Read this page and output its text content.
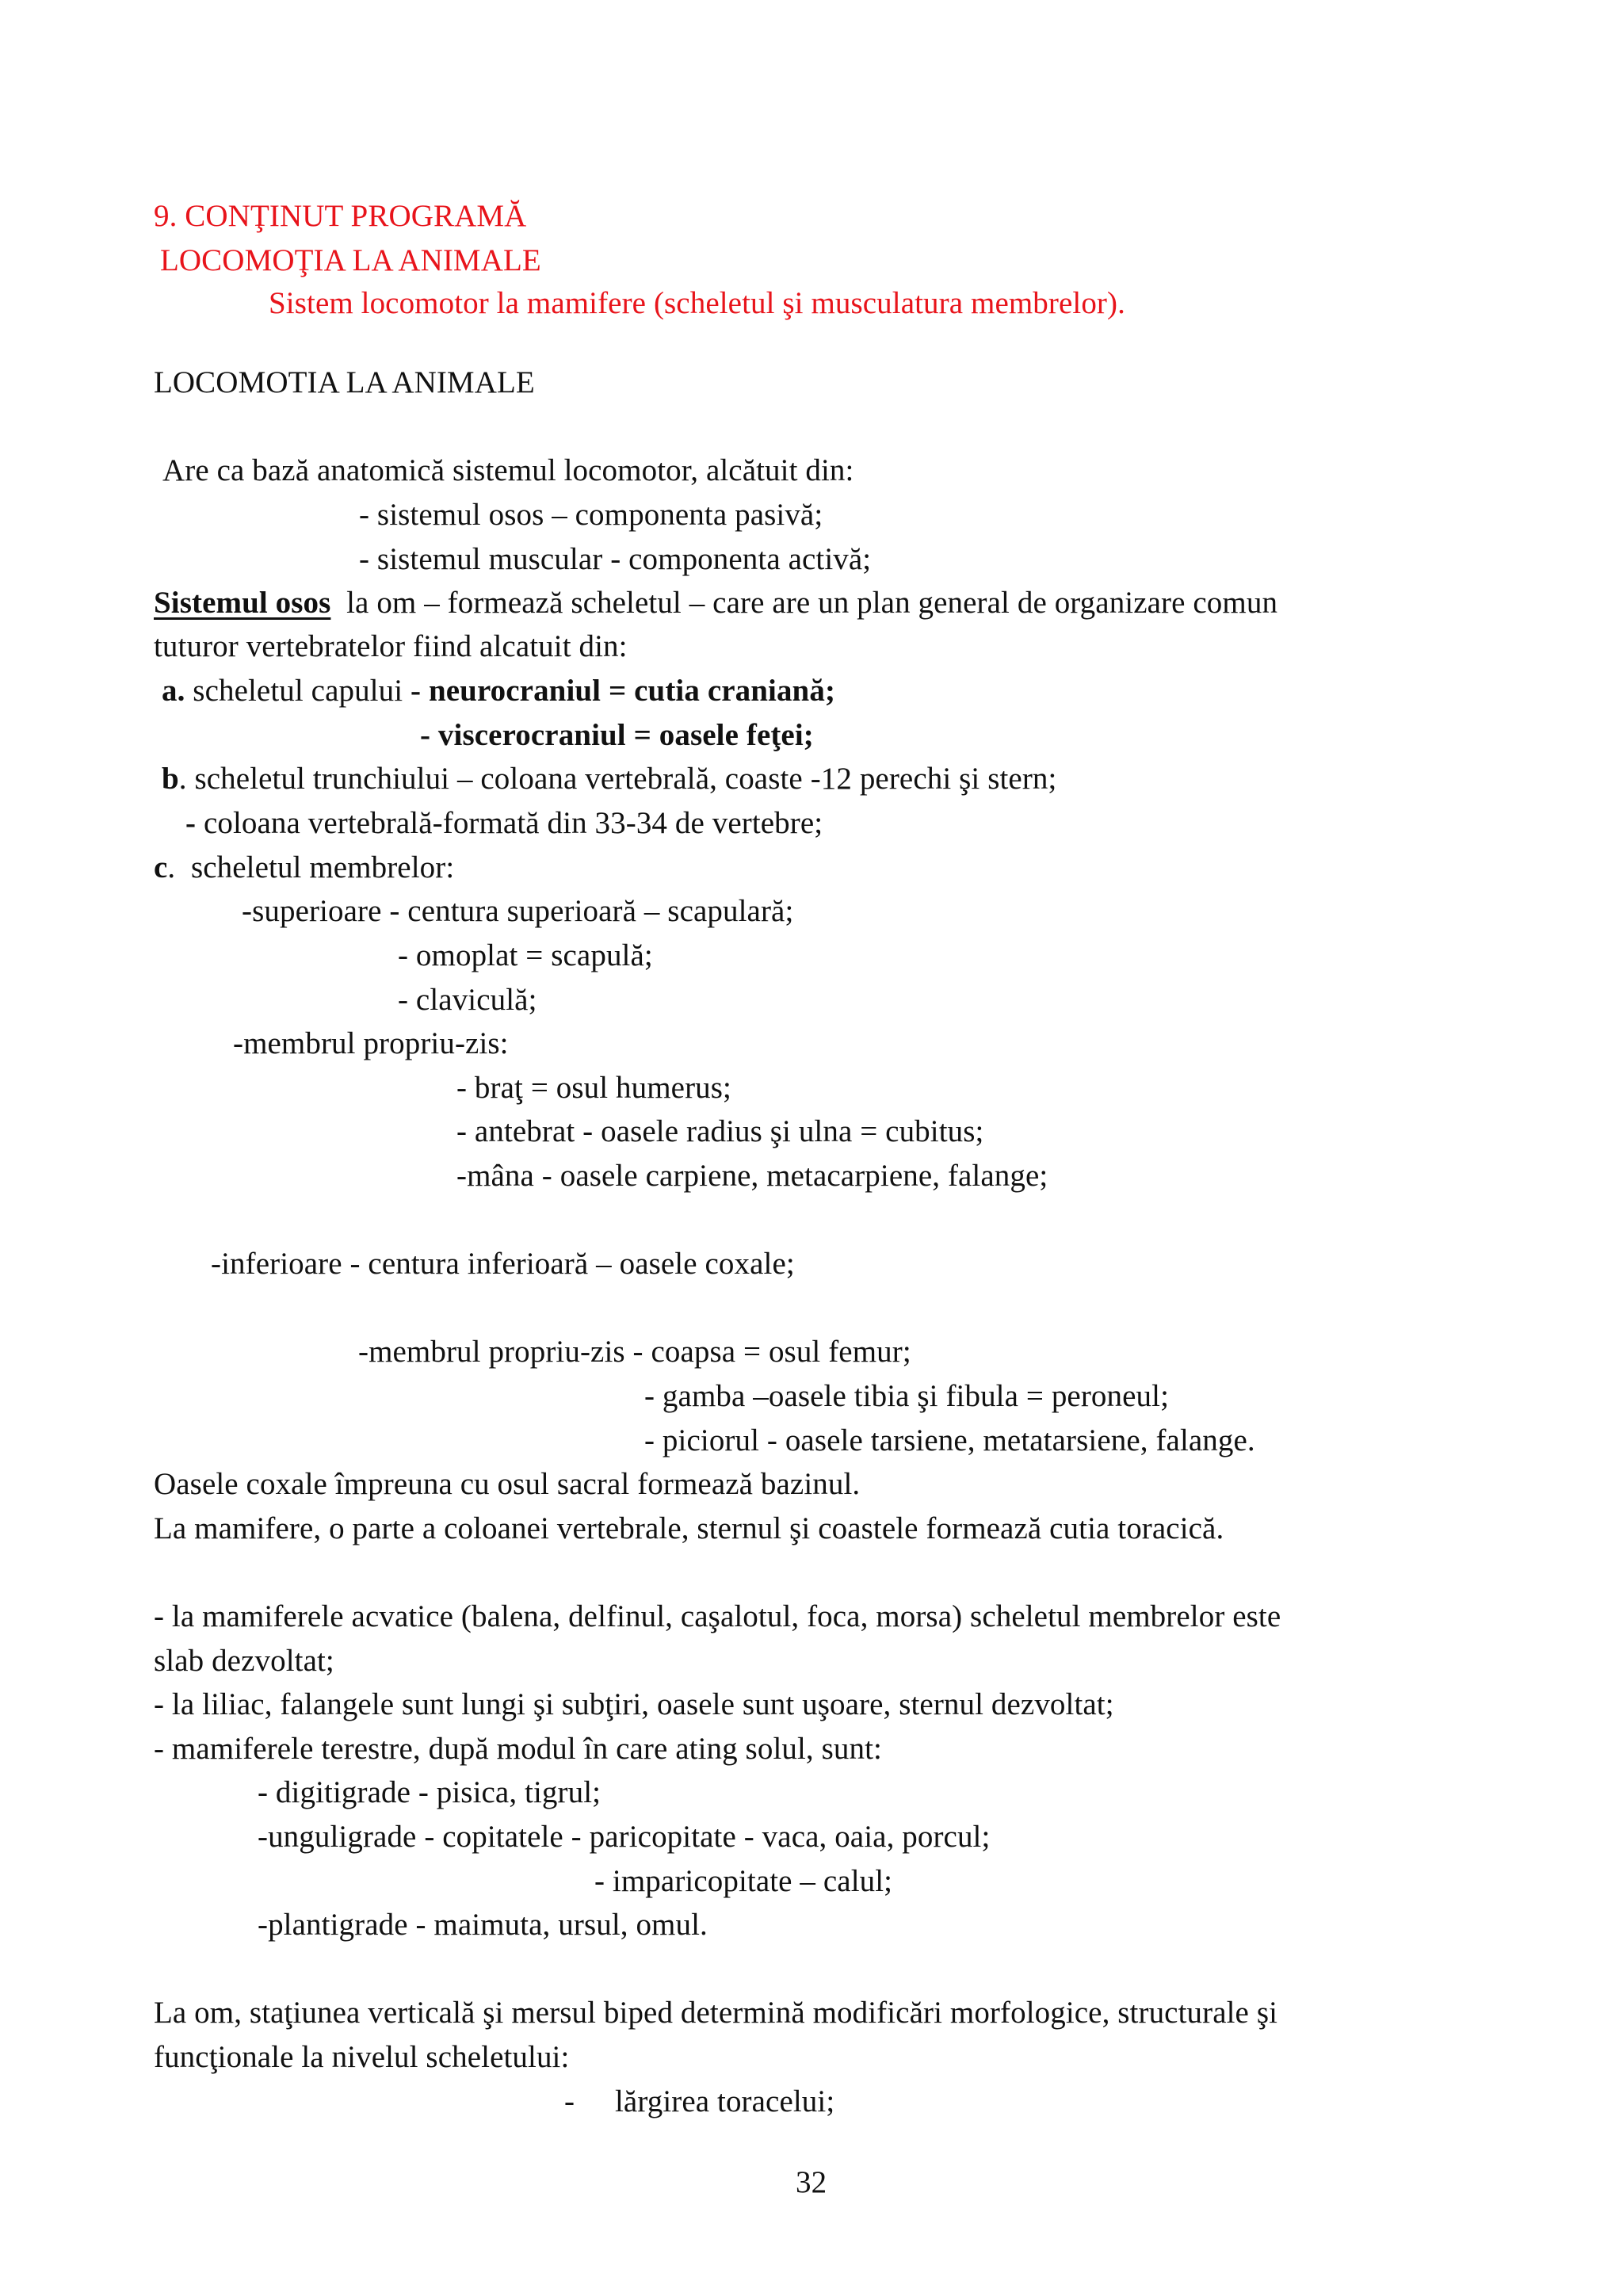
9. CONŢINUT PROGRAMĂ
LOCOMOŢIA LA ANIMALE
Sistem locomotor la mamifere (scheletul şi musculatura membrelor).
LOCOMOTIA LA ANIMALE
Are ca bază anatomică sistemul locomotor, alcătuit din:
- sistemul osos – componenta pasivă;
- sistemul muscular - componenta activă;
Sistemul osos  la om – formează scheletul – care are un plan general de organizare comun
tuturor vertebratelor fiind alcatuit din:
a. scheletul capului - neurocraniul = cutia craniană;
- viscerocraniul = oasele feţei;
b. scheletul trunchiului – coloana vertebrală, coaste -12 perechi şi stern;
- coloana vertebrală-formată din 33-34 de vertebre;
c.  scheletul membrelor:
-superioare - centura superioară – scapulară;
- omoplat = scapulă;
- claviculă;
-membrul propriu-zis:
- braţ = osul humerus;
- antebrat - oasele radius şi ulna = cubitus;
-mâna - oasele carpiene, metacarpiene, falange;
-inferioare - centura inferioară – oasele coxale;
-membrul propriu-zis - coapsa = osul femur;
- gamba –oasele tibia şi fibula = peroneul;
- piciorul - oasele tarsiene, metatarsiene, falange.
Oasele coxale împreuna cu osul sacral formează bazinul.
La mamifere, o parte a coloanei vertebrale, sternul şi coastele formează cutia toracică.
- la mamiferele acvatice (balena, delfinul, caşalotul, foca, morsa) scheletul membrelor este
slab dezvoltat;
- la liliac, falangele sunt lungi şi subţiri, oasele sunt uşoare, sternul dezvoltat;
- mamiferele terestre, după modul în care ating solul, sunt:
- digitigrade - pisica, tigrul;
-unguligrade - copitatele - paricopitate - vaca, oaia, porcul;
- imparicopitate – calul;
-plantigrade - maimuta, ursul, omul.
La om, staţiunea verticală şi mersul biped determină modificări morfologice, structurale şi
funcţionale la nivelul scheletului:
- lărgirea toracelui;
32
